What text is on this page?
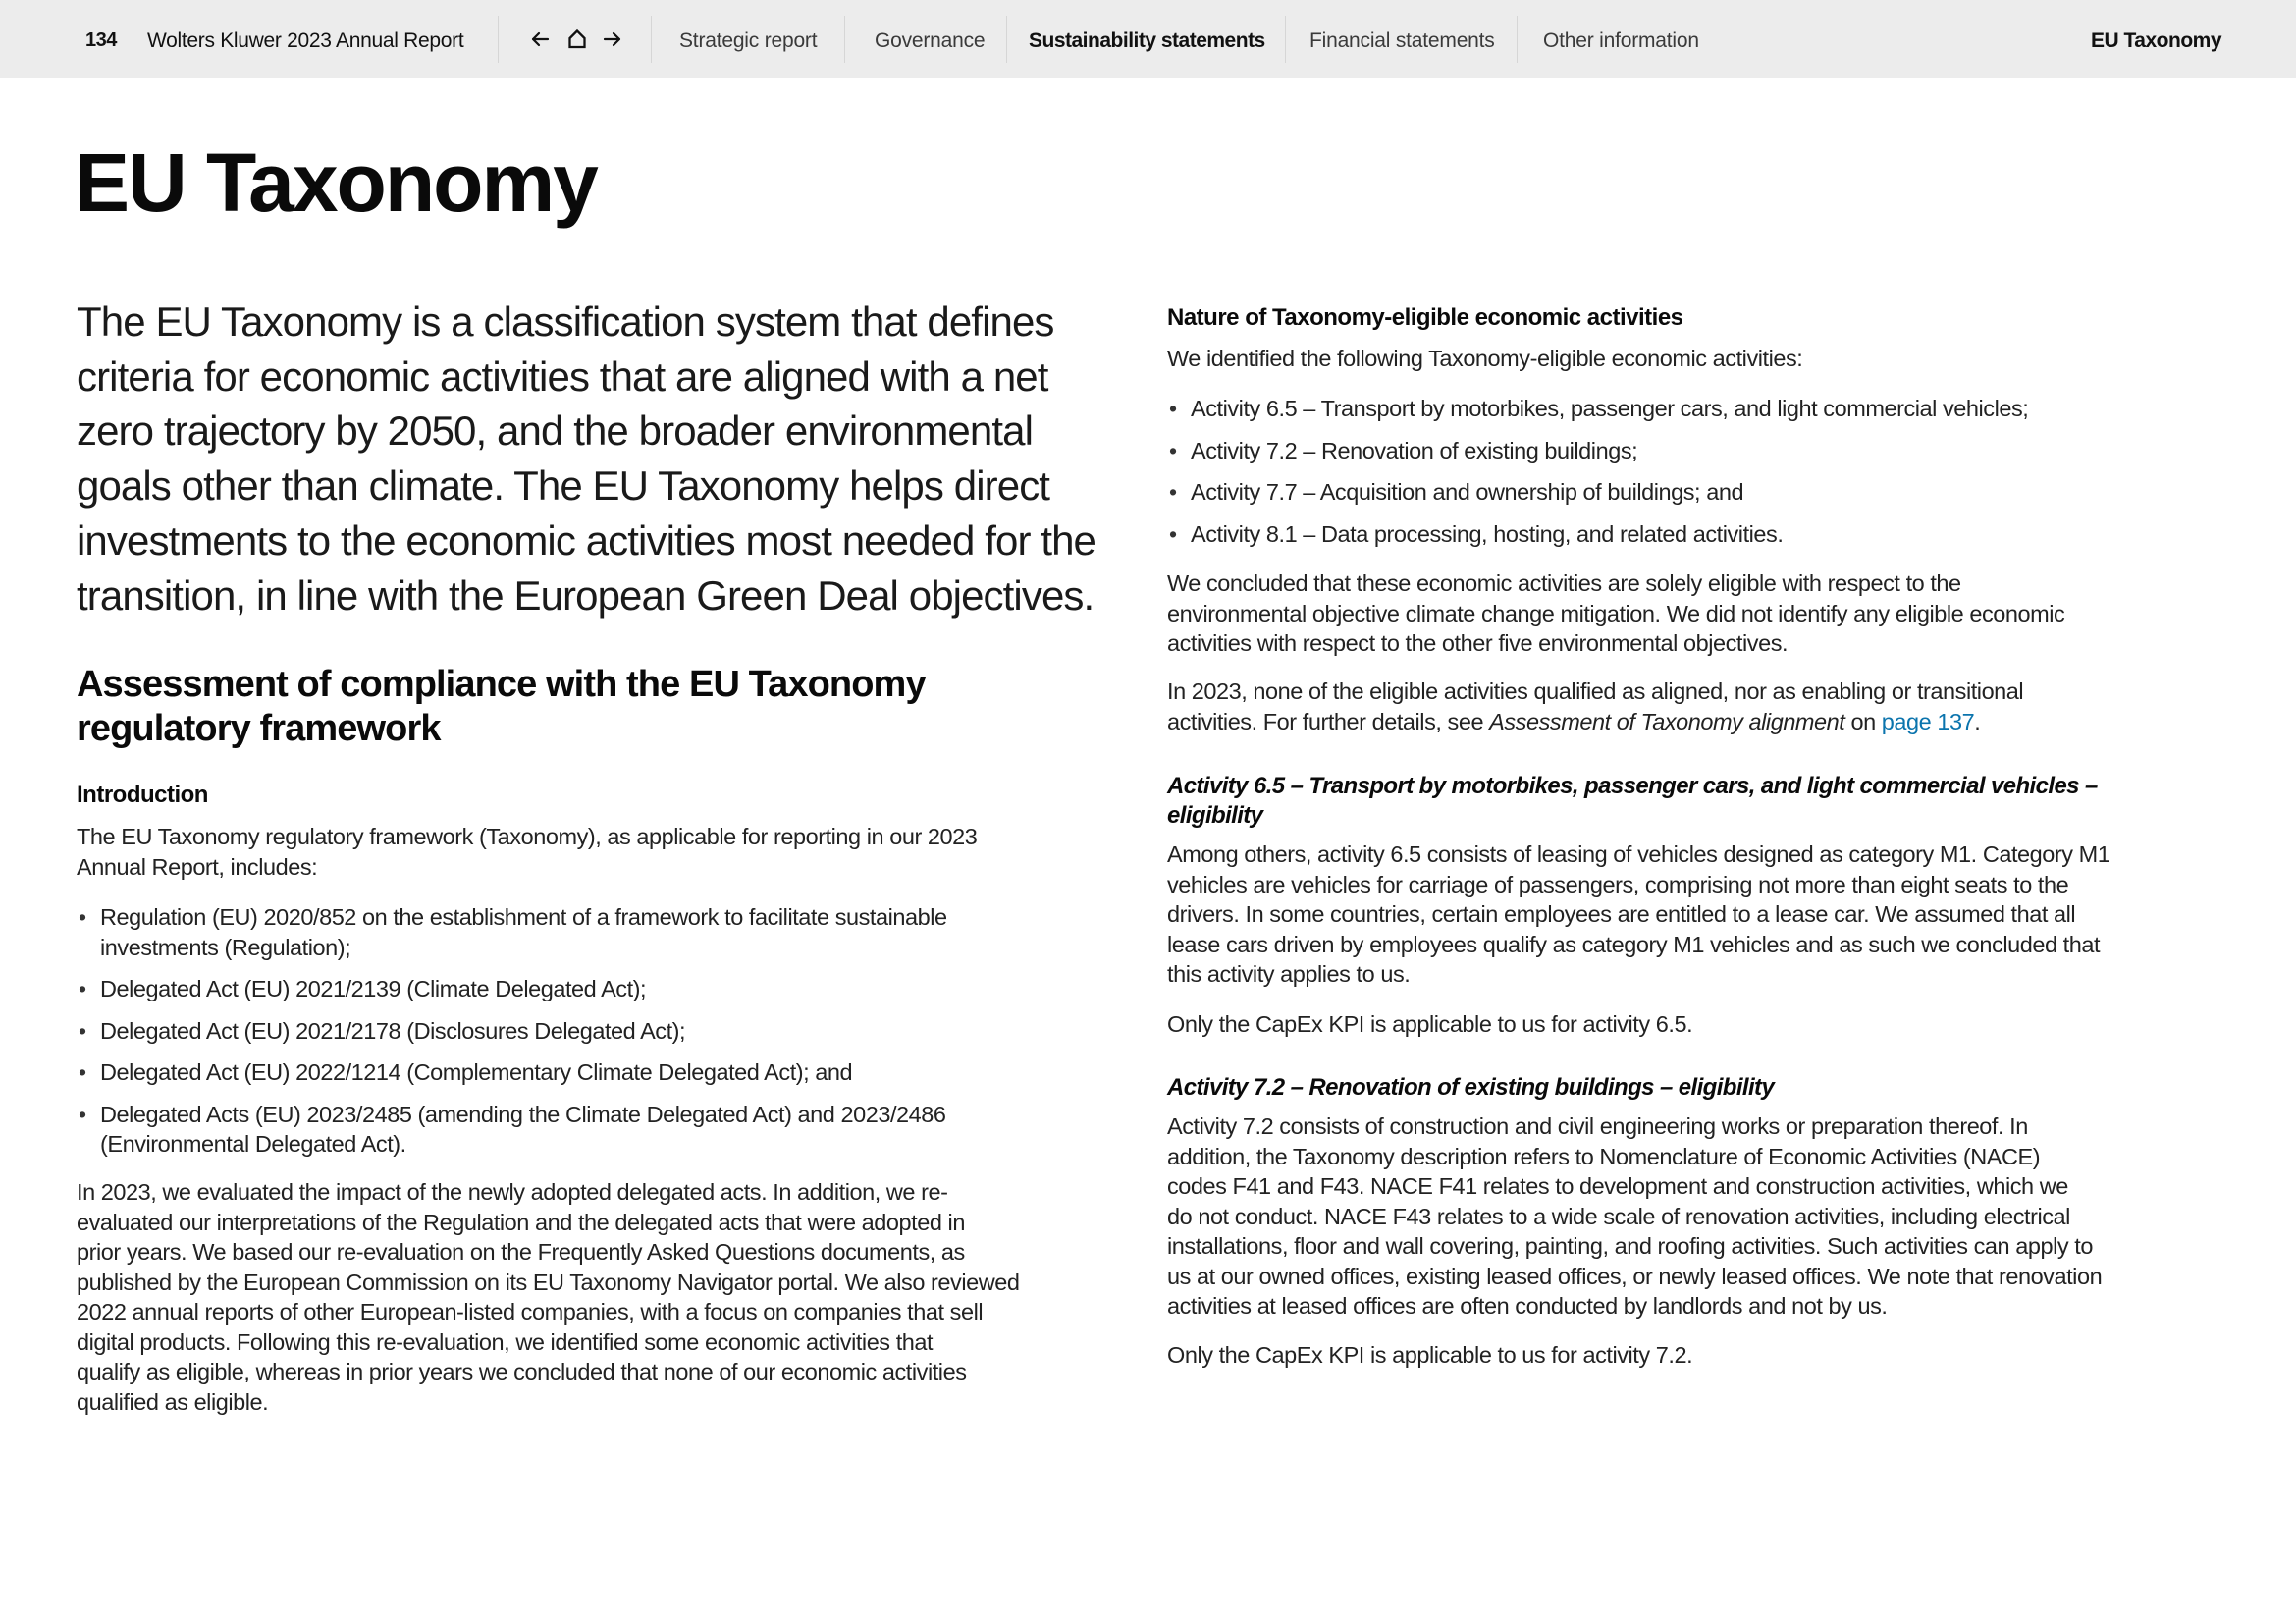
134 Wolters Kluwer 2023 Annual Report	Strategic report	Governance Sustainability statements Financial statements Other information	EU Taxonomy
EU Taxonomy

The EU Taxonomy is a classification system that defines
criteria for economic activities that are aligned with a net
zero trajectory by 2050, and the broader environmental
goals other than climate. The EU Taxonomy helps direct
investments to the economic activities most needed for the
transition, in line with the European Green Deal objectives.

Assessment of compliance with the EU Taxonomy
regulatory framework
Introduction
The EU Taxonomy regulatory framework (Taxonomy), as applicable for reporting in our 2023
Annual Report, includes:
• Regulation (EU) 2020/852 on the establishment of a framework to facilitate sustainable
investments (Regulation);
• Delegated Act (EU) 2021/2139 (Climate Delegated Act);
• Delegated Act (EU) 2021/2178 (Disclosures Delegated Act);
• Delegated Act (EU) 2022/1214 (Complementary Climate Delegated Act); and
• Delegated Acts (EU) 2023/2485 (amending the Climate Delegated Act) and 2023/2486
(Environmental Delegated Act).
In 2023, we evaluated the impact of the newly adopted delegated acts. In addition, we re-
evaluated our interpretations of the Regulation and the delegated acts that were adopted in
prior years. We based our re-evaluation on the Frequently Asked Questions documents, as
published by the European Commission on its EU Taxonomy Navigator portal. We also reviewed
2022 annual reports of other European-listed companies, with a focus on companies that sell
digital products. Following this re-evaluation, we identified some economic activities that
qualify as eligible, whereas in prior years we concluded that none of our economic activities
qualified as eligible.
Nature of Taxonomy-eligible economic activities
We identified the following Taxonomy-eligible economic activities:
• Activity 6.5 – Transport by motorbikes, passenger cars, and light commercial vehicles;
• Activity 7.2 – Renovation of existing buildings;
• Activity 7.7 – Acquisition and ownership of buildings; and
• Activity 8.1 – Data processing, hosting, and related activities.
We concluded that these economic activities are solely eligible with respect to the
environmental objective climate change mitigation. We did not identify any eligible economic
activities with respect to the other five environmental objectives.
In 2023, none of the eligible activities qualified as aligned, nor as enabling or transitional
activities. For further details, see Assessment of Taxonomy alignment on page 137.
Activity 6.5 – Transport by motorbikes, passenger cars, and light commercial vehicles –
eligibility
Among others, activity 6.5 consists of leasing of vehicles designed as category M1. Category M1
vehicles are vehicles for carriage of passengers, comprising not more than eight seats to the
drivers. In some countries, certain employees are entitled to a lease car. We assumed that all
lease cars driven by employees qualify as category M1 vehicles and as such we concluded that
this activity applies to us.
Only the CapEx KPI is applicable to us for activity 6.5.
Activity 7.2 – Renovation of existing buildings – eligibility
Activity 7.2 consists of construction and civil engineering works or preparation thereof. In
addition, the Taxonomy description refers to Nomenclature of Economic Activities (NACE)
codes F41 and F43. NACE F41 relates to development and construction activities, which we
do not conduct. NACE F43 relates to a wide scale of renovation activities, including electrical
installations, floor and wall covering, painting, and roofing activities. Such activities can apply to
us at our owned offices, existing leased offices, or newly leased offices. We note that renovation
activities at leased offices are often conducted by landlords and not by us.
Only the CapEx KPI is applicable to us for activity 7.2.
